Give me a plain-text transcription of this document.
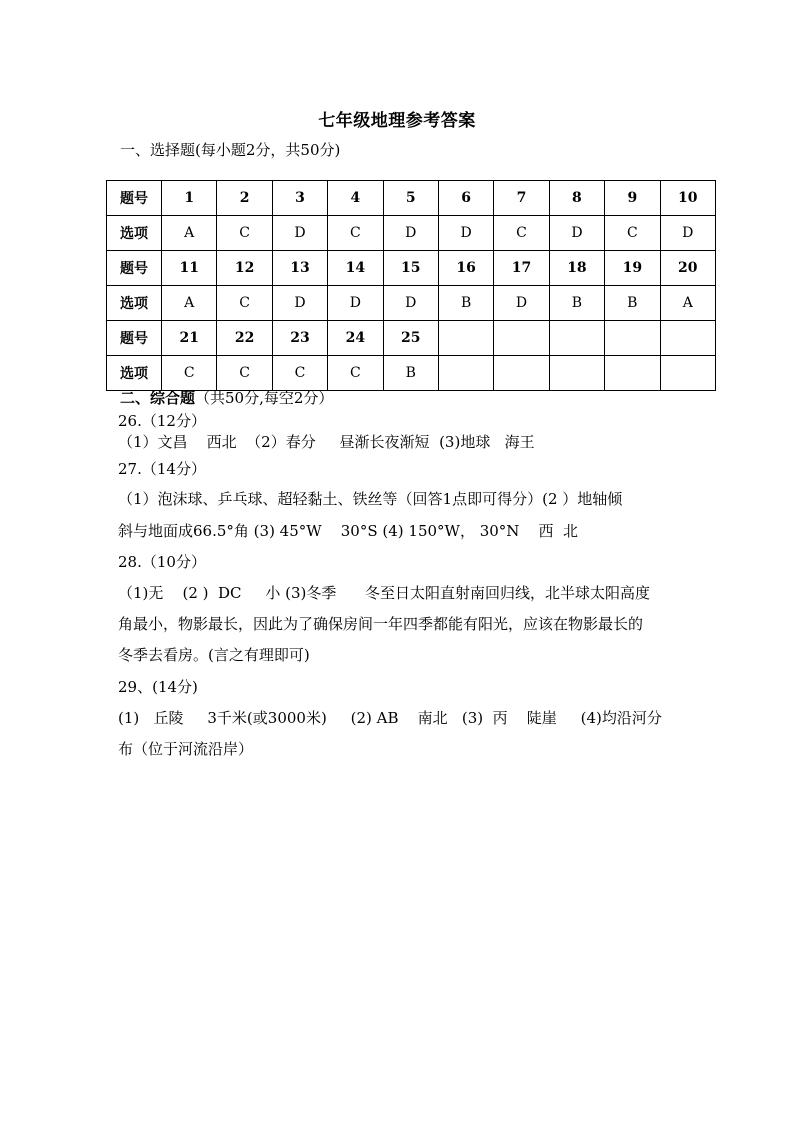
七年级地理参考答案
一、选择题(每小题2分，共50分)
题号	1	2	3	4	5	6	7	8	9	10
选项	A	C	D	C	D	D	C	D	C	D
题号	11	12	13	14	15	16	17	18	19	20
选项	A	C	D	D	D	B	D	B	B	A
题号	21	22	23	24	25					
选项	C	C	C	C	B					
二、综合题（共50分,每空2分）
26.（12分）
（1）文昌    西北  （2）春分     昼渐长夜渐短  (3)地球   海王
27.（14分）
（1）泡沫球、乒乓球、超轻黏土、铁丝等（回答1点即可得分）(2 ）地轴倾
斜与地面成66.5°角 (3) 45°W    30°S (4) 150°W， 30°N    西  北
28.（10分）
（1)无    (2 )  DC     小 (3)冬季      冬至日太阳直射南回归线，北半球太阳高度
角最小，物影最长，因此为了确保房间一年四季都能有阳光，应该在物影最长的
冬季去看房。(言之有理即可)
29、(14分)
(1)   丘陵     3千米(或3000米)     (2) AB    南北   (3)  丙    陡崖     (4)均沿河分
布（位于河流沿岸）
